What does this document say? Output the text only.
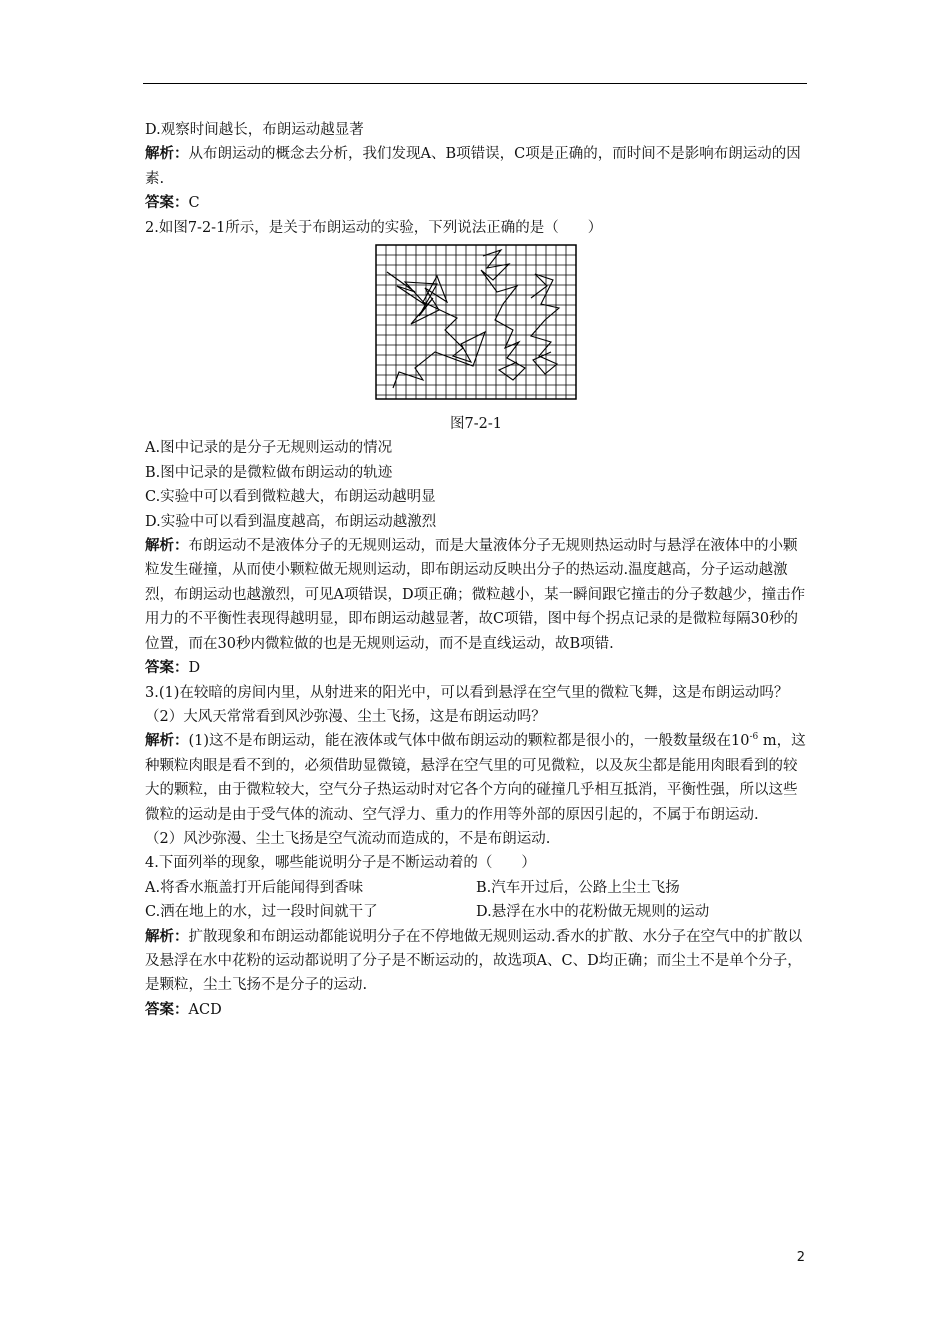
D.观察时间越长，布朗运动越显著

解析：从布朗运动的概念去分析，我们发现A、B项错误，C项是正确的，而时间不是影响布朗运动的因素.

答案：C

2.如图7-2-1所示，是关于布朗运动的实验，下列说法正确的是（　　）

图7-2-1

A.图中记录的是分子无规则运动的情况

B.图中记录的是微粒做布朗运动的轨迹

C.实验中可以看到微粒越大，布朗运动越明显

D.实验中可以看到温度越高，布朗运动越激烈

解析：布朗运动不是液体分子的无规则运动，而是大量液体分子无规则热运动时与悬浮在液体中的小颗粒发生碰撞，从而使小颗粒做无规则运动，即布朗运动反映出分子的热运动.温度越高，分子运动越激烈，布朗运动也越激烈，可见A项错误，D项正确；微粒越小，某一瞬间跟它撞击的分子数越少，撞击作用力的不平衡性表现得越明显，即布朗运动越显著，故C项错，图中每个拐点记录的是微粒每隔30秒的位置，而在30秒内微粒做的也是无规则运动，而不是直线运动，故B项错.

答案：D

3.(1)在较暗的房间内里，从射进来的阳光中，可以看到悬浮在空气里的微粒飞舞，这是布朗运动吗？

（2）大风天常常看到风沙弥漫、尘土飞扬，这是布朗运动吗？

解析：(1)这不是布朗运动，能在液体或气体中做布朗运动的颗粒都是很小的，一般数量级在$10^{-6}$ m，这种颗粒肉眼是看不到的，必须借助显微镜，悬浮在空气里的可见微粒，以及灰尘都是能用肉眼看到的较大的颗粒，由于微粒较大，空气分子热运动时对它各个方向的碰撞几乎相互抵消，平衡性强，所以这些微粒的运动是由于受气体的流动、空气浮力、重力的作用等外部的原因引起的，不属于布朗运动.

（2）风沙弥漫、尘土飞扬是空气流动而造成的，不是布朗运动.

4.下面列举的现象，哪些能说明分子是不断运动着的（　　）

A.将香水瓶盖打开后能闻得到香味	B.汽车开过后，公路上尘土飞扬
C.洒在地上的水，过一段时间就干了	D.悬浮在水中的花粉做无规则的运动

解析：扩散现象和布朗运动都能说明分子在不停地做无规则运动.香水的扩散、水分子在空气中的扩散以及悬浮在水中花粉的运动都说明了分子是不断运动的，故选项A、C、D均正确；而尘土不是单个分子，是颗粒，尘土飞扬不是分子的运动.

答案：ACD

2
